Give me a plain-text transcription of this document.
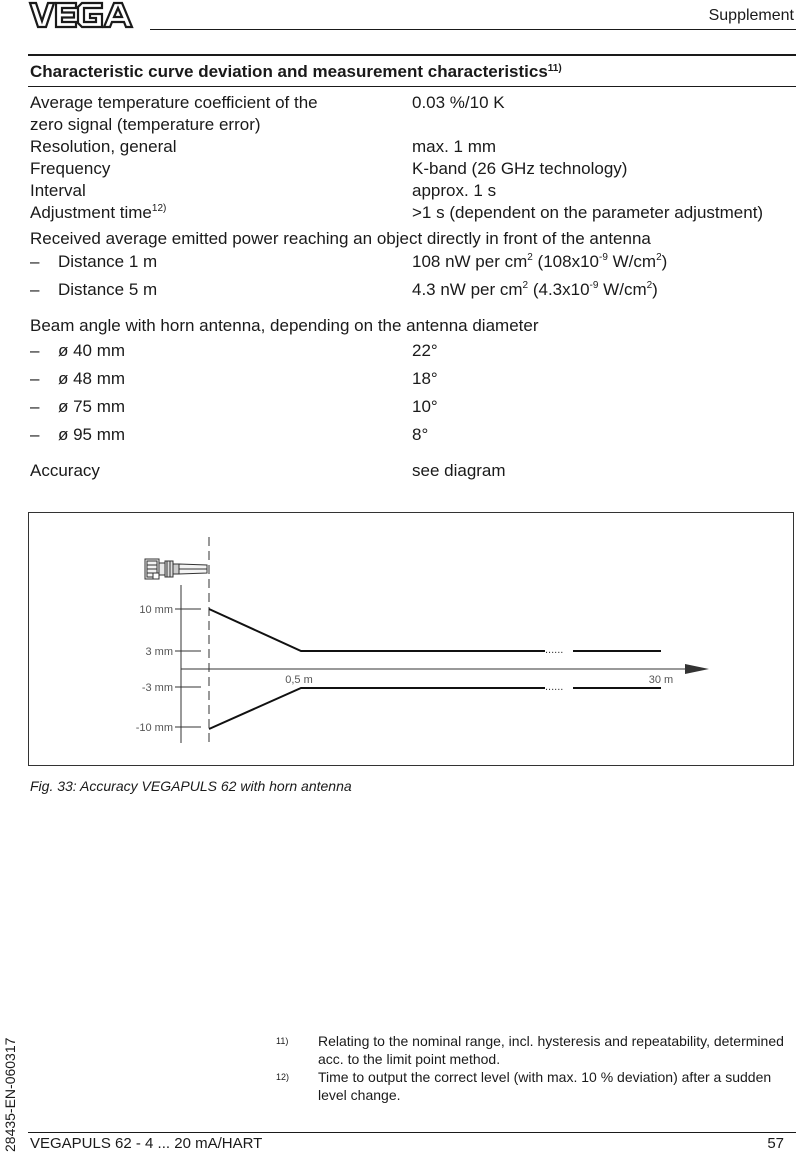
Supplement
Characteristic curve deviation and measurement characteristics$^{11)}$
Average temperature coefficient of the	0.03 %/10 K
zero signal (temperature error)
Resolution, general	max. 1 mm
Frequency	K-band (26 GHz technology)
Interval	approx. 1 s
Adjustment time$^{12)}$	>1 s (dependent on the parameter adjustment)
Received average emitted power reaching an object directly in front of the antenna
– Distance 1 m	108 nW per $cm^2$ ($108x10^{-9}$ $W/cm^2$)
– Distance 5 m	4.3 nW per $cm^2$ ($4.3x10^{-9}$ $W/cm^2$)
Beam angle with horn antenna, depending on the antenna diameter
– ø 40 mm	22°
– ø 48 mm	18°
– ø 75 mm	10°
– ø 95 mm	8°
Accuracy	see diagram
10 mm
3 mm
-3 mm
-10 mm
0,5 m	30 m
......
......
Fig. 33: Accuracy VEGAPULS 62 with horn antenna
11) Relating to the nominal range, incl. hysteresis and repeatability, determined acc. to the limit point method.
12) Time to output the correct level (with max. 10 % deviation) after a sudden level change.
28435-EN-060317 VEGAPULS 62 - 4 ... 20 mA/HART	57
